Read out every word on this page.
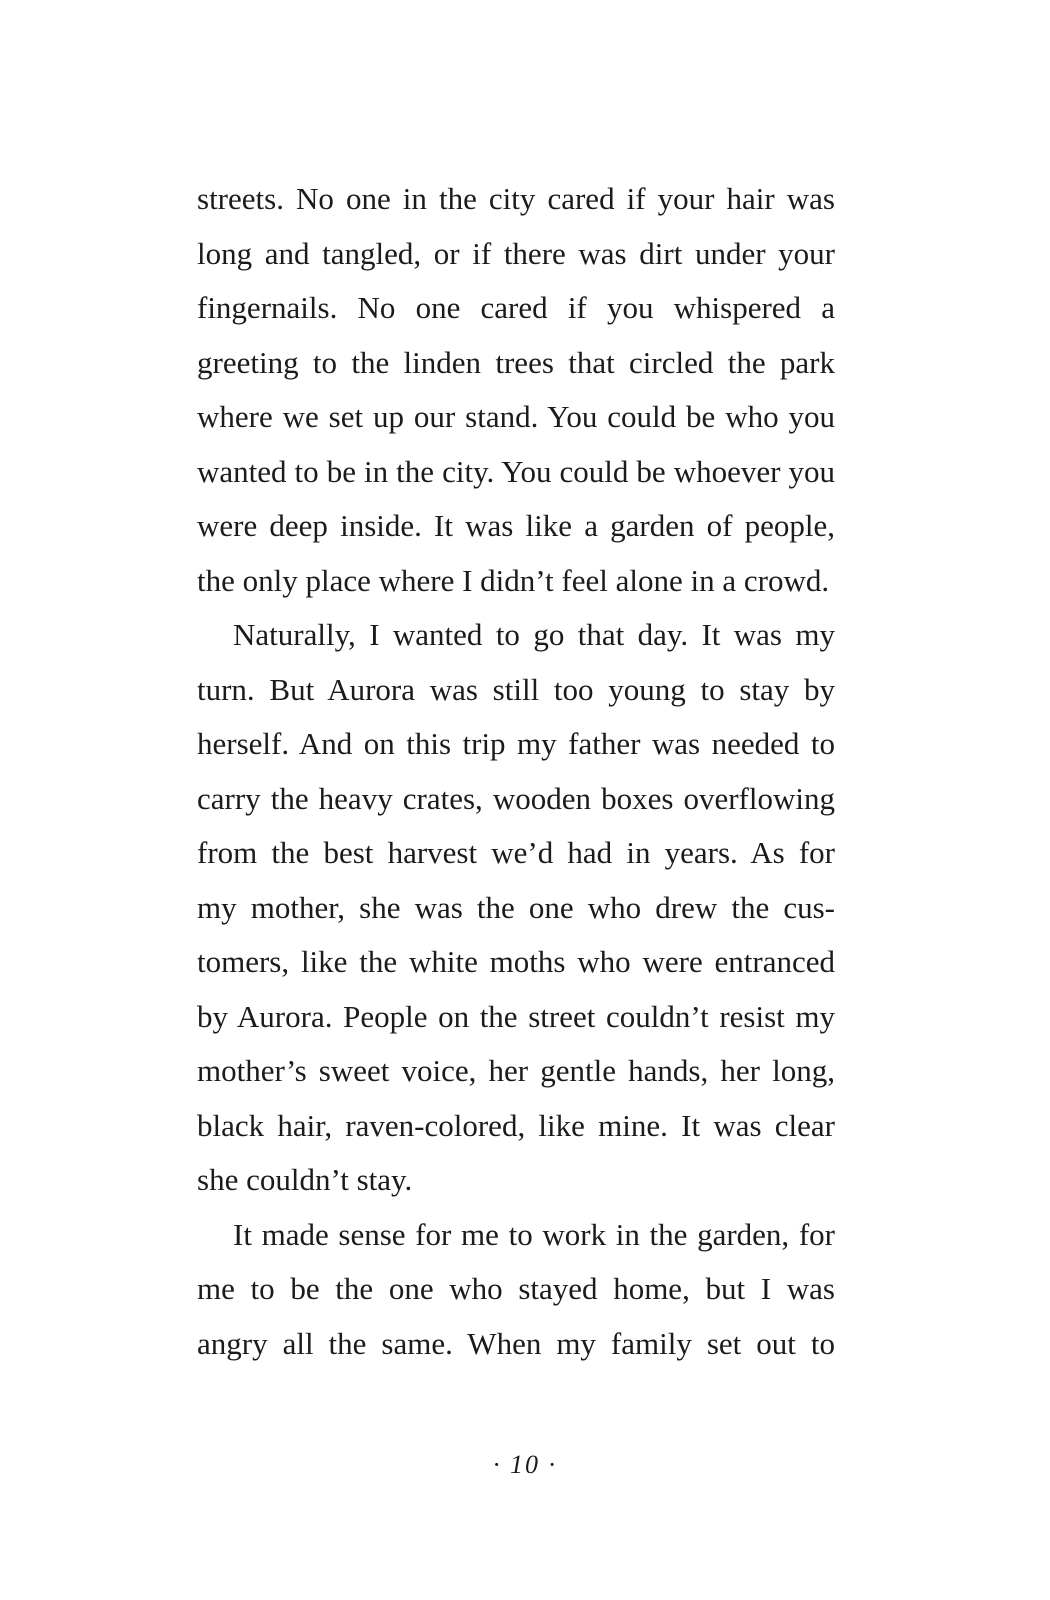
streets. No one in the city cared if your hair was
long and tangled, or if there was dirt under your
fingernails. No one cared if you whispered a
greeting to the linden trees that circled the park
where we set up our stand. You could be who you
wanted to be in the city. You could be whoever you
were deep inside. It was like a garden of people,
the only place where I didn’t feel alone in a crowd.
Naturally, I wanted to go that day. It was my
turn. But Aurora was still too young to stay by
herself. And on this trip my father was needed to
carry the heavy crates, wooden boxes overflowing
from the best harvest we’d had in years. As for
my mother, she was the one who drew the cus-
tomers, like the white moths who were entranced
by Aurora. People on the street couldn’t resist my
mother’s sweet voice, her gentle hands, her long,
black hair, raven-colored, like mine. It was clear
she couldn’t stay.
It made sense for me to work in the garden, for
me to be the one who stayed home, but I was
angry all the same. When my family set out to
· 10 ·
